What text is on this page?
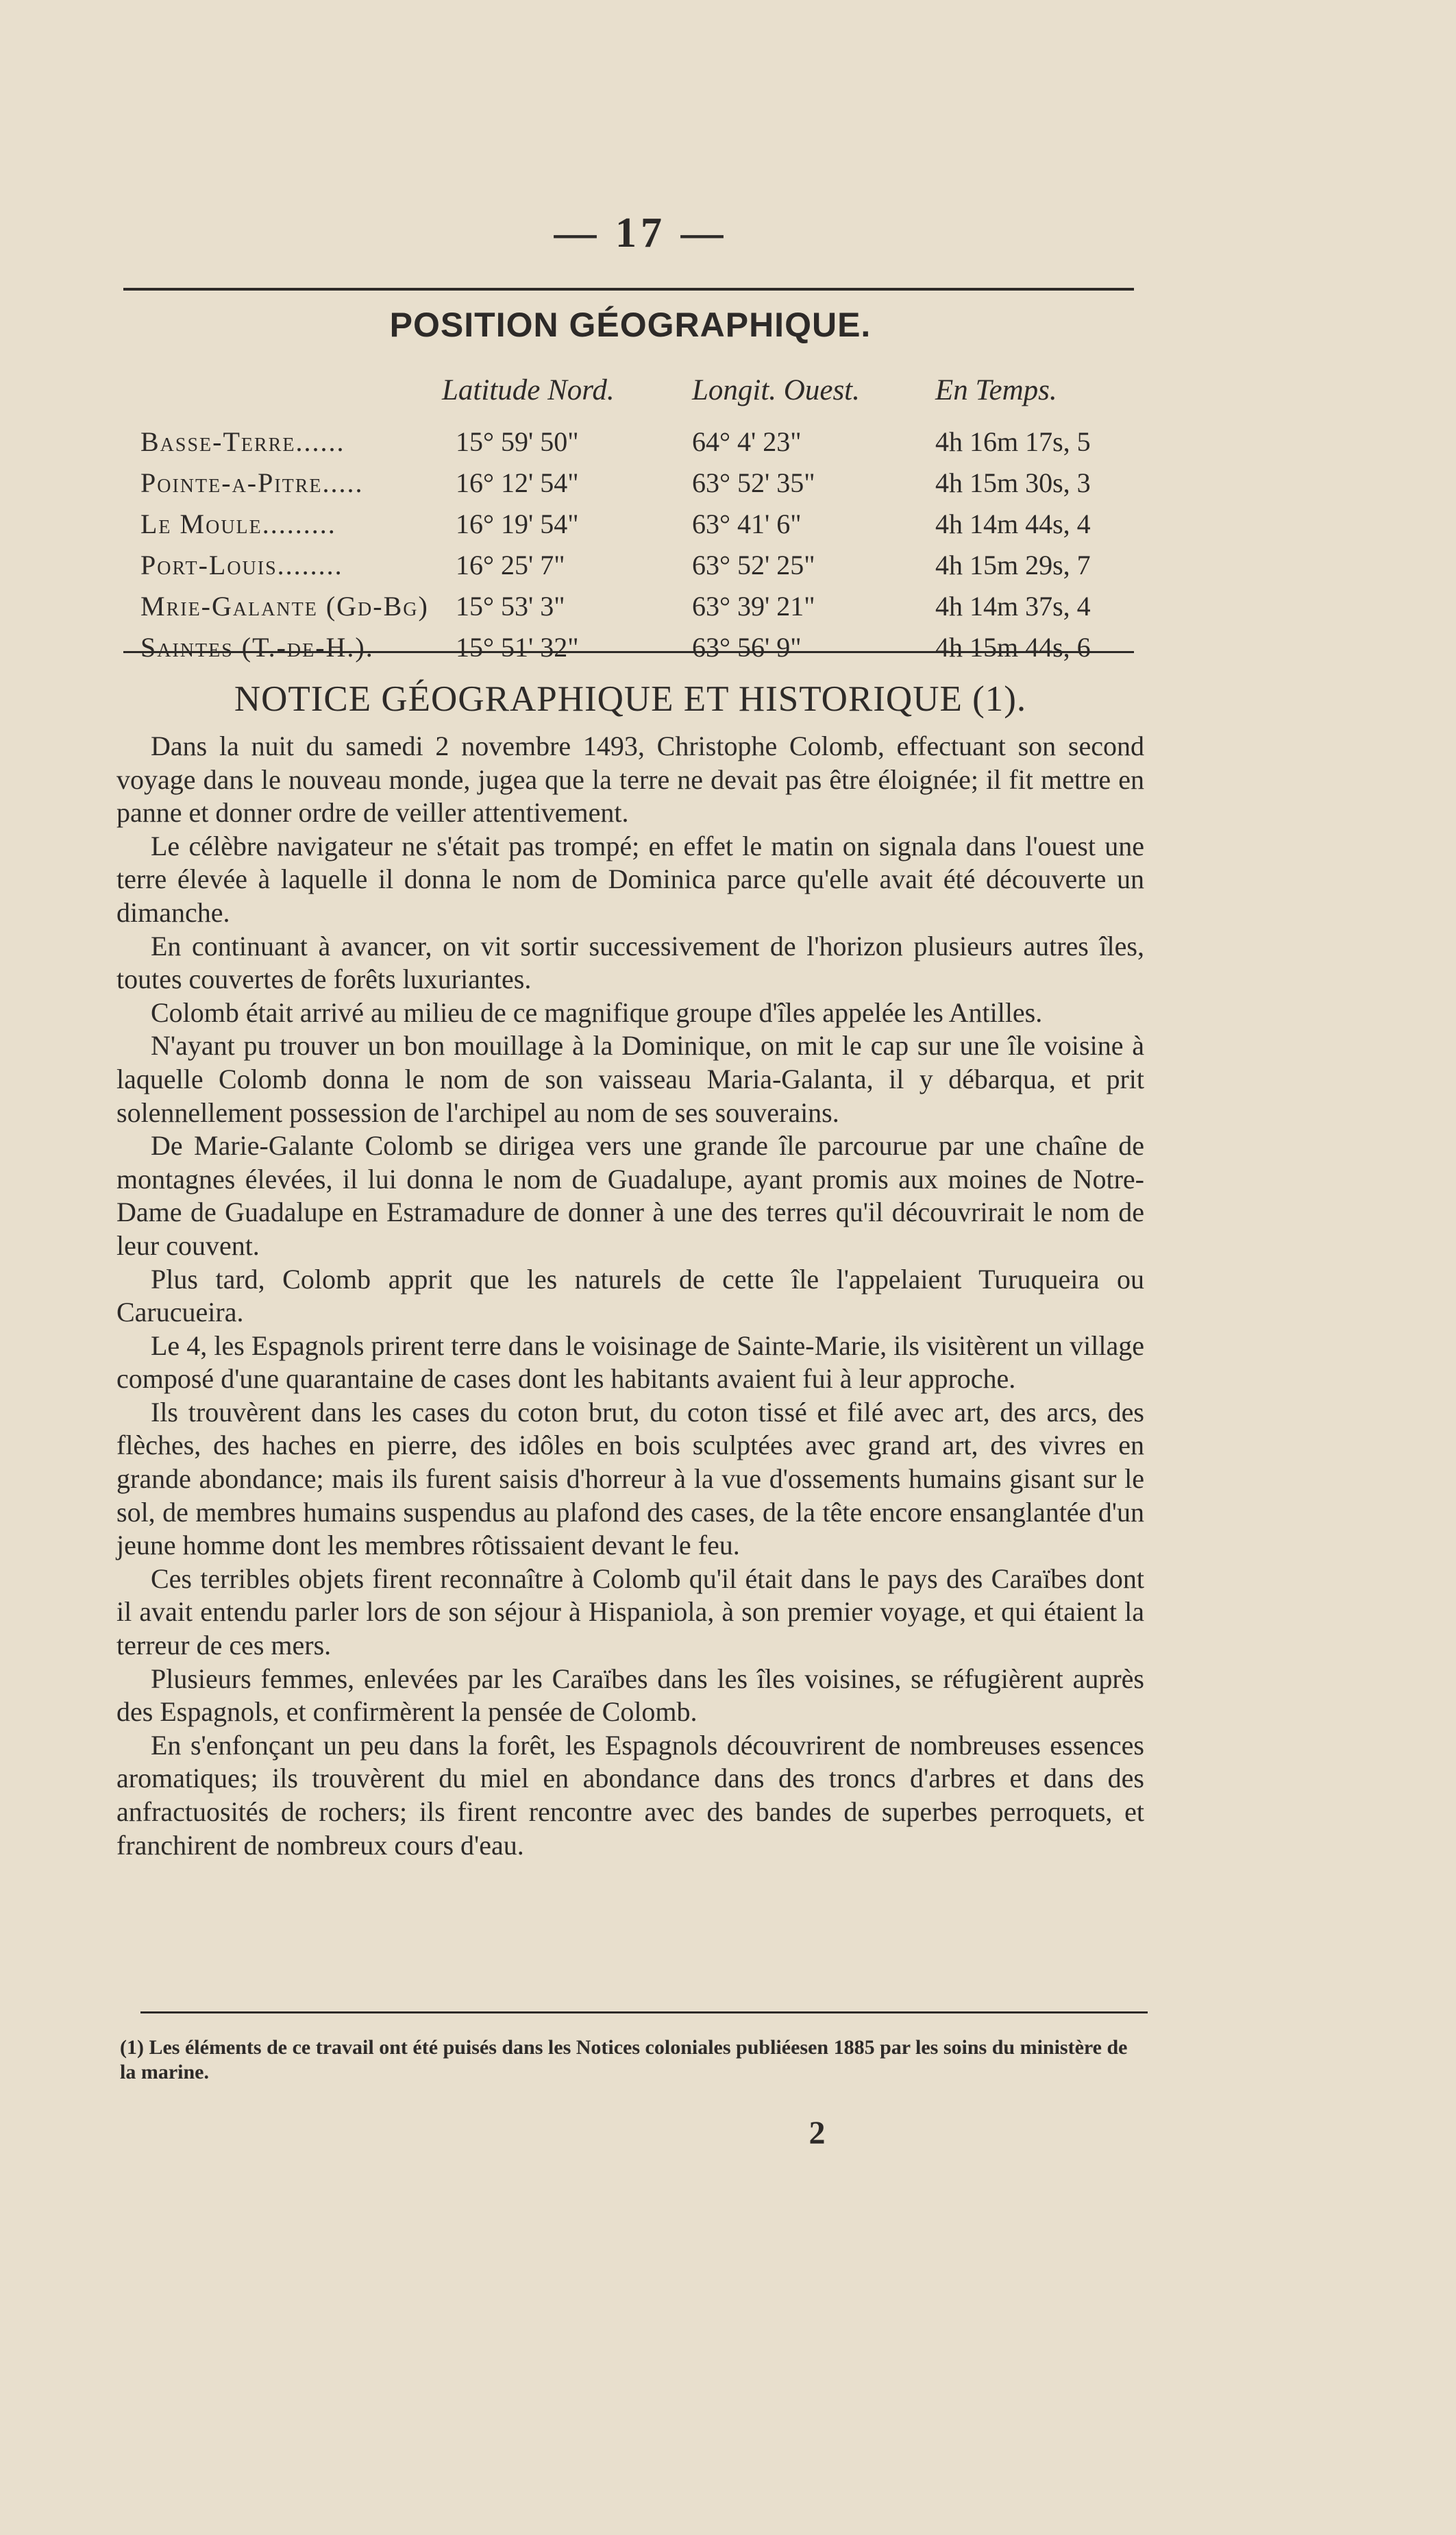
— 17 —
POSITION GÉOGRAPHIQUE.
Latitude Nord.	Longit. Ouest.	En Temps.
Basse-Terre......	15° 59' 50"	64° 4' 23"	4h 16m 17s, 5
Pointe-a-Pitre.....	16° 12' 54"	63° 52' 35"	4h 15m 30s, 3
Le Moule.........	16° 19' 54"	63° 41' 6"	4h 14m 44s, 4
Port-Louis........	16° 25' 7"	63° 52' 25"	4h 15m 29s, 7
Mrie-Galante (Gd-Bg) 15° 53' 3"	63° 39' 21"	4h 14m 37s, 4
Saintes (T.-de-H.).	15° 51' 32"	63° 56' 9"	4h 15m 44s, 6
NOTICE GÉOGRAPHIQUE ET HISTORIQUE (1).

Dans la nuit du samedi 2 novembre 1493, Christophe Colomb, effectuant son second voyage dans le nouveau monde, jugea que la terre ne devait pas être éloignée; il fit mettre en panne et donner ordre de veiller attentivement.

Le célèbre navigateur ne s'était pas trompé; en effet le matin on signala dans l'ouest une terre élevée à laquelle il donna le nom de Dominica parce qu'elle avait été découverte un dimanche.

En continuant à avancer, on vit sortir successivement de l'horizon plusieurs autres îles, toutes couvertes de forêts luxuriantes.

Colomb était arrivé au milieu de ce magnifique groupe d'îles appelée les Antilles.

N'ayant pu trouver un bon mouillage à la Dominique, on mit le cap sur une île voisine à laquelle Colomb donna le nom de son vaisseau Maria-Galanta, il y débarqua, et prit solennellement possession de l'archipel au nom de ses souverains.

De Marie-Galante Colomb se dirigea vers une grande île parcourue par une chaîne de montagnes élevées, il lui donna le nom de Guadalupe, ayant promis aux moines de Notre-Dame de Guadalupe en Estramadure de donner à une des terres qu'il découvrirait le nom de leur couvent.

Plus tard, Colomb apprit que les naturels de cette île l'appelaient Turuqueira ou Carucueira.

Le 4, les Espagnols prirent terre dans le voisinage de Sainte-Marie, ils visitèrent un village composé d'une quarantaine de cases dont les habitants avaient fui à leur approche.

Ils trouvèrent dans les cases du coton brut, du coton tissé et filé avec art, des arcs, des flèches, des haches en pierre, des idôles en bois sculptées avec grand art, des vivres en grande abondance; mais ils furent saisis d'horreur à la vue d'ossements humains gisant sur le sol, de membres humains suspendus au plafond des cases, de la tête encore ensanglantée d'un jeune homme dont les membres rôtissaient devant le feu.

Ces terribles objets firent reconnaître à Colomb qu'il était dans le pays des Caraïbes dont il avait entendu parler lors de son séjour à Hispaniola, à son premier voyage, et qui étaient la terreur de ces mers.

Plusieurs femmes, enlevées par les Caraïbes dans les îles voisines, se réfugièrent auprès des Espagnols, et confirmèrent la pensée de Colomb.

En s'enfonçant un peu dans la forêt, les Espagnols découvrirent de nombreuses essences aromatiques; ils trouvèrent du miel en abondance dans des troncs d'arbres et dans des anfractuosités de rochers; ils firent rencontre avec des bandes de superbes perroquets, et franchirent de nombreux cours d'eau.

(1) Les éléments de ce travail ont été puisés dans les Notices coloniales publiéesen 1885 par les soins du ministère de la marine.
2
